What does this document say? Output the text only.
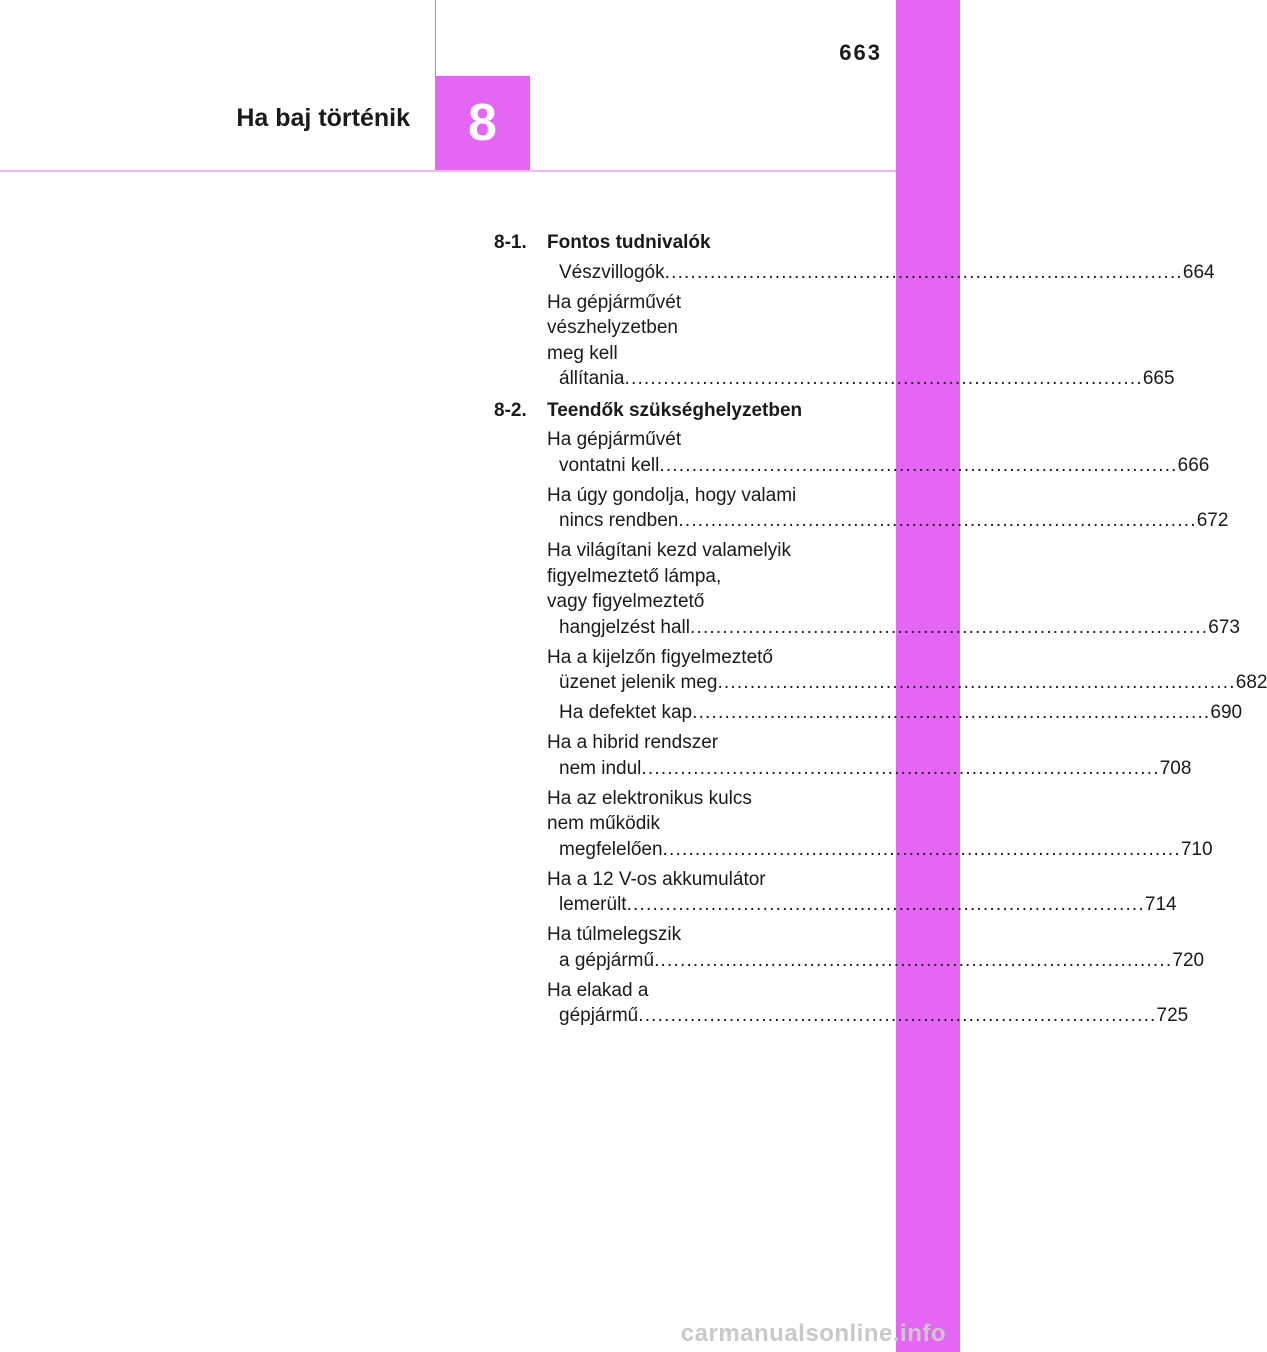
663
8
Ha baj történik
8-1.	Fontos tudnivalók
Vészvillogók ................................................................................ 664
Ha gépjárművét
vészhelyzetben
meg kell
állítania ................................................................................ 665
8-2.	Teendők szükséghelyzetben
Ha gépjárművét
vontatni kell ................................................................................ 666
Ha úgy gondolja, hogy valami
nincs rendben ................................................................................ 672
Ha világítani kezd valamelyik
figyelmeztető lámpa,
vagy figyelmeztető
hangjelzést hall ................................................................................ 673
Ha a kijelzőn figyelmeztető
üzenet jelenik meg ................................................................................ 682
Ha defektet kap ................................................................................ 690
Ha a hibrid rendszer
nem indul ................................................................................ 708
Ha az elektronikus kulcs
nem működik
megfelelően ................................................................................ 710
Ha a 12 V-os akkumulátor
lemerült ................................................................................ 714
Ha túlmelegszik
a gépjármű ................................................................................ 720
Ha elakad a
gépjármű ................................................................................ 725
carmanualsonline.info
